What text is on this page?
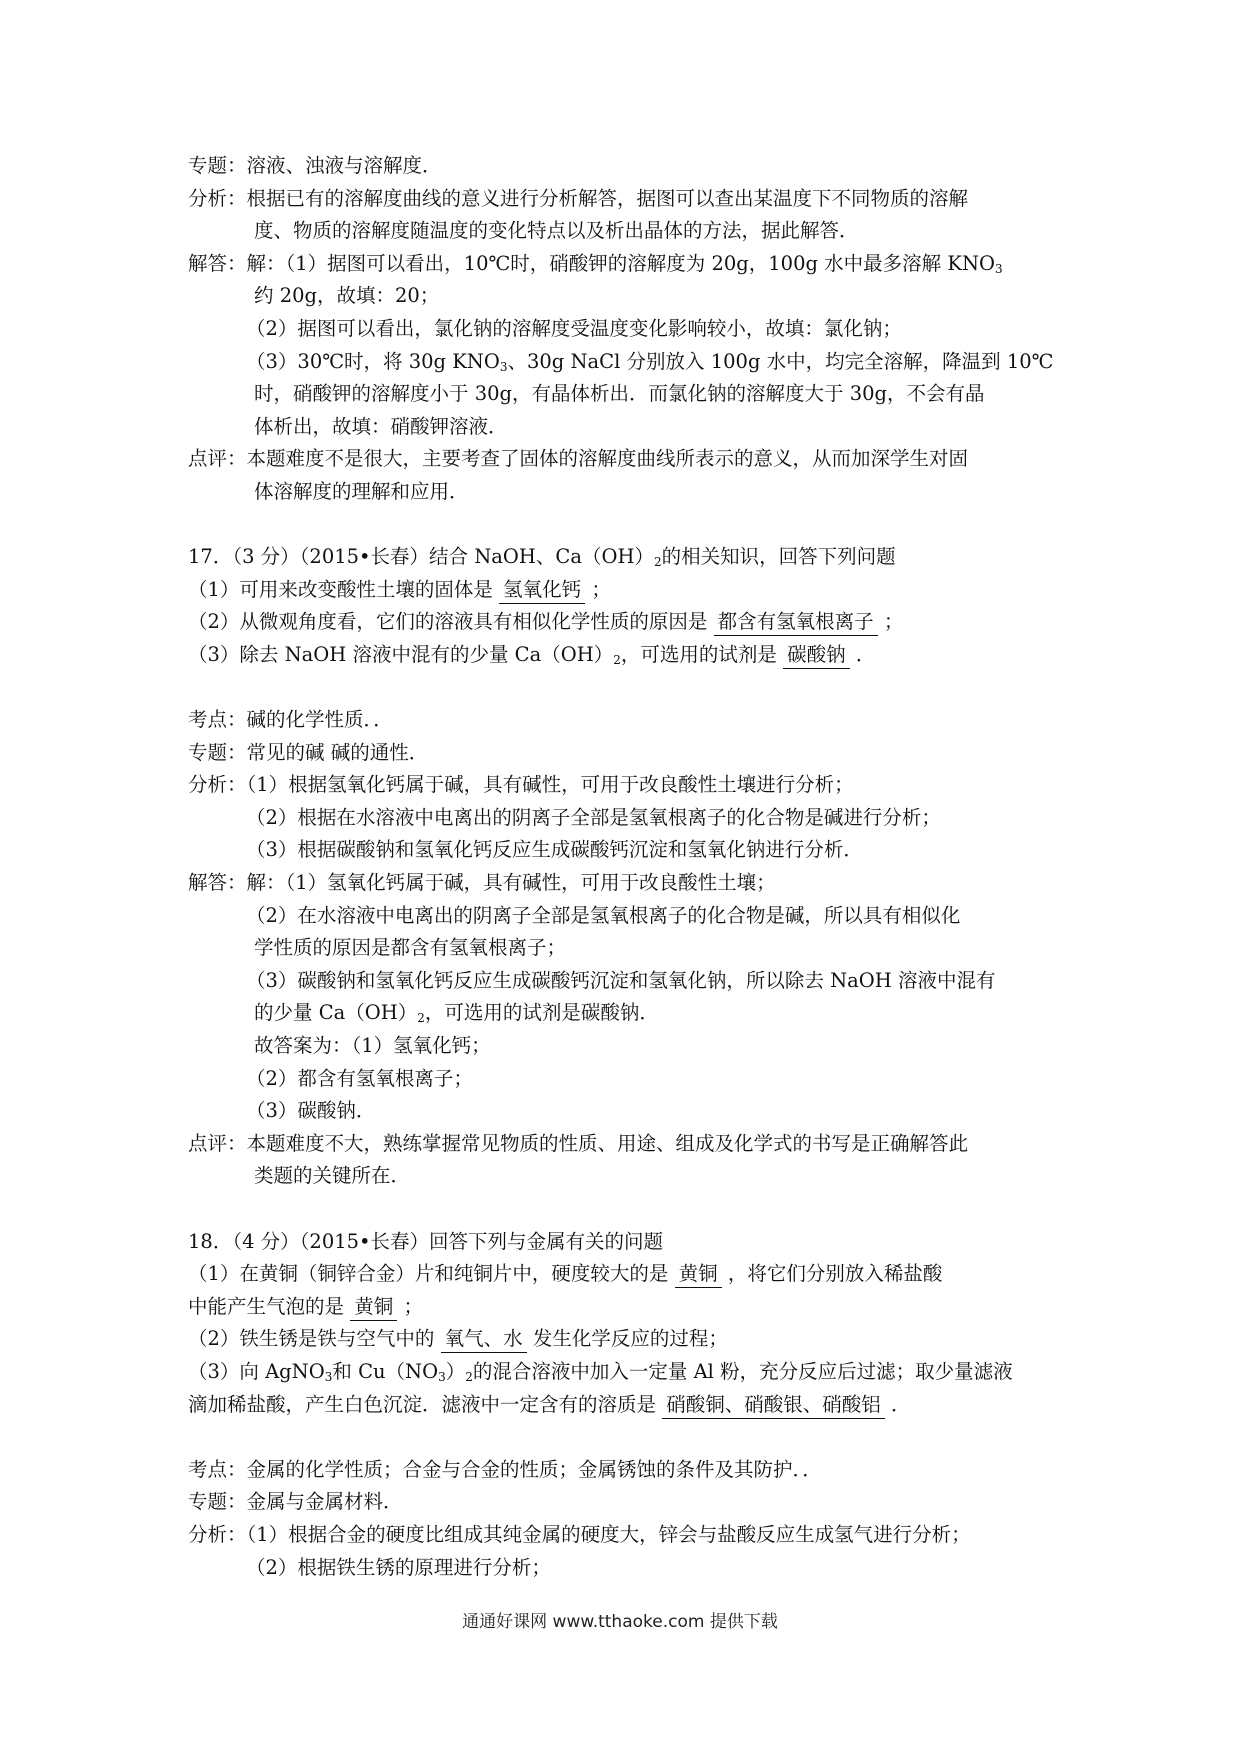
专题：溶液、浊液与溶解度．
分析：根据已有的溶解度曲线的意义进行分析解答，据图可以查出某温度下不同物质的溶解
度、物质的溶解度随温度的变化特点以及析出晶体的方法，据此解答．
解答：解：（1）据图可以看出，10℃时，硝酸钾的溶解度为 20g，100g 水中最多溶解 $KNO_3$
约 20g，故填：20；
（2）据图可以看出，氯化钠的溶解度受温度变化影响较小，故填：氯化钠；
（3）30℃时，将 30g $KNO_3$、30g NaCl 分别放入 100g 水中，均完全溶解，降温到 10℃
时，硝酸钾的溶解度小于 30g，有晶体析出．而氯化钠的溶解度大于 30g，不会有晶
体析出，故填：硝酸钾溶液．
点评：本题难度不是很大，主要考查了固体的溶解度曲线所表示的意义，从而加深学生对固
体溶解度的理解和应用．
17．（3 分）（2015•长春）结合 NaOH、$Ca(OH)_2$的相关知识，回答下列问题
（1）可用来改变酸性土壤的固体是 氢氧化钙 ；
（2）从微观角度看，它们的溶液具有相似化学性质的原因是 都含有氢氧根离子 ；
（3）除去 NaOH 溶液中混有的少量 $Ca(OH)_2$，可选用的试剂是 碳酸钠 ．
考点：碱的化学性质．．
专题：常见的碱 碱的通性．
分析：（1）根据氢氧化钙属于碱，具有碱性，可用于改良酸性土壤进行分析；
（2）根据在水溶液中电离出的阴离子全部是氢氧根离子的化合物是碱进行分析；
（3）根据碳酸钠和氢氧化钙反应生成碳酸钙沉淀和氢氧化钠进行分析．
解答：解：（1）氢氧化钙属于碱，具有碱性，可用于改良酸性土壤；
（2）在水溶液中电离出的阴离子全部是氢氧根离子的化合物是碱，所以具有相似化
学性质的原因是都含有氢氧根离子；
（3）碳酸钠和氢氧化钙反应生成碳酸钙沉淀和氢氧化钠，所以除去 NaOH 溶液中混有
的少量 $Ca(OH)_2$，可选用的试剂是碳酸钠．
故答案为：（1）氢氧化钙；
（2）都含有氢氧根离子；
（3）碳酸钠．
点评：本题难度不大，熟练掌握常见物质的性质、用途、组成及化学式的书写是正确解答此
类题的关键所在．
18．（4 分）（2015•长春）回答下列与金属有关的问题
（1）在黄铜（铜锌合金）片和纯铜片中，硬度较大的是 黄铜 ，将它们分别放入稀盐酸
中能产生气泡的是 黄铜 ；
（2）铁生锈是铁与空气中的 氧气、水 发生化学反应的过程；
（3）向 AgNO$_3$和 $Cu(NO_3)_2$的混合溶液中加入一定量 Al 粉，充分反应后过滤；取少量滤液
滴加稀盐酸，产生白色沉淀．滤液中一定含有的溶质是 硝酸铜、硝酸银、硝酸铝 ．
考点：金属的化学性质；合金与合金的性质；金属锈蚀的条件及其防护．．
专题：金属与金属材料．
分析：（1）根据合金的硬度比组成其纯金属的硬度大，锌会与盐酸反应生成氢气进行分析；
（2）根据铁生锈的原理进行分析；
通通好课网 www.tthaoke.com 提供下载
